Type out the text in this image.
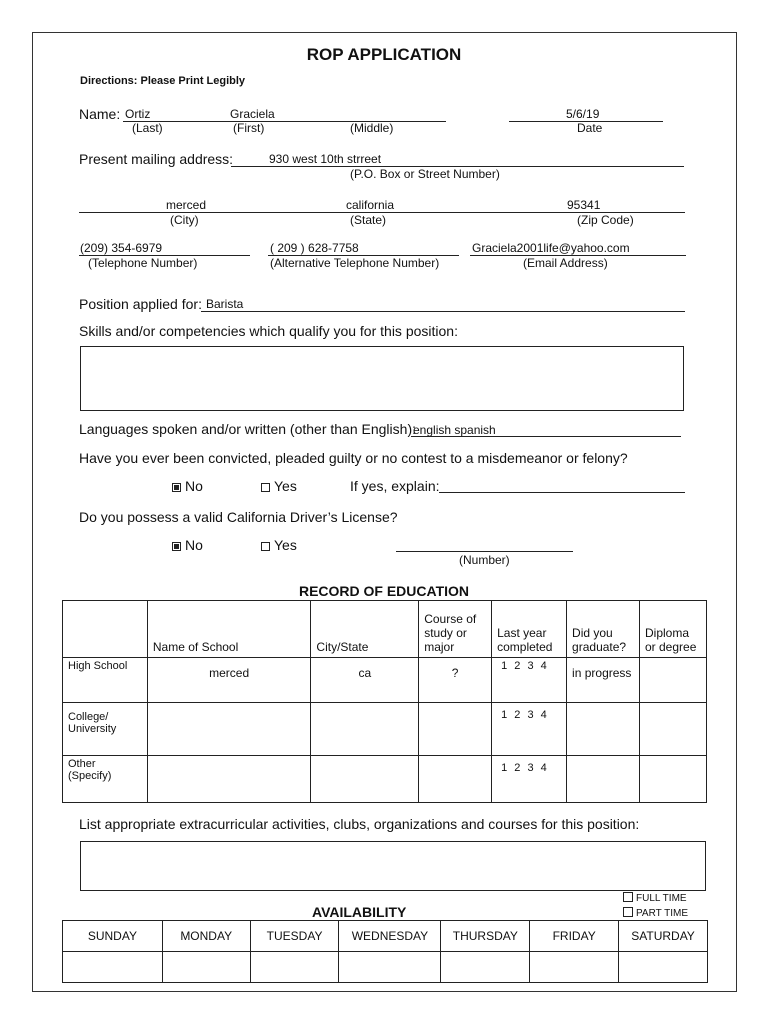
ROP APPLICATION
Directions: Please Print Legibly
Name: Ortiz	Graciela
(Last)	(First)	(Middle)
5/6/19
Date
Present mailing address:	930 west 10th strreet
(P.O. Box or Street Number)
merced	california	95341
(City)	(State)	(Zip Code)
(209) 354-6979
(Telephone Number)
( 209 ) 628-7758
(Alternative Telephone Number)
Graciela2001life@yahoo.com
(Email Address)
Position applied for: Barista
Skills and/or competencies which qualify you for this position:
Languages spoken and/or written (other than English):
english spanish
Have you ever been convicted, pleaded guilty or no contest to a misdemeanor or felony?
No	Yes	If yes, explain:
Do you possess a valid California Driver’s License?
No	Yes
(Number)
RECORD OF EDUCATION
	Name of School	City/State	Course of study or major	Last year completed	Did you graduate?	Diploma or degree
High School	merced	ca	?	1 2 3 4	in progress	
College/ University				1 2 3 4		
Other (Specify)				1 2 3 4		
List appropriate extracurricular activities, clubs, organizations and courses for this position:
FULL TIME
PART TIME
AVAILABILITY
SUNDAY	MONDAY	TUESDAY	WEDNESDAY	THURSDAY	FRIDAY	SATURDAY
